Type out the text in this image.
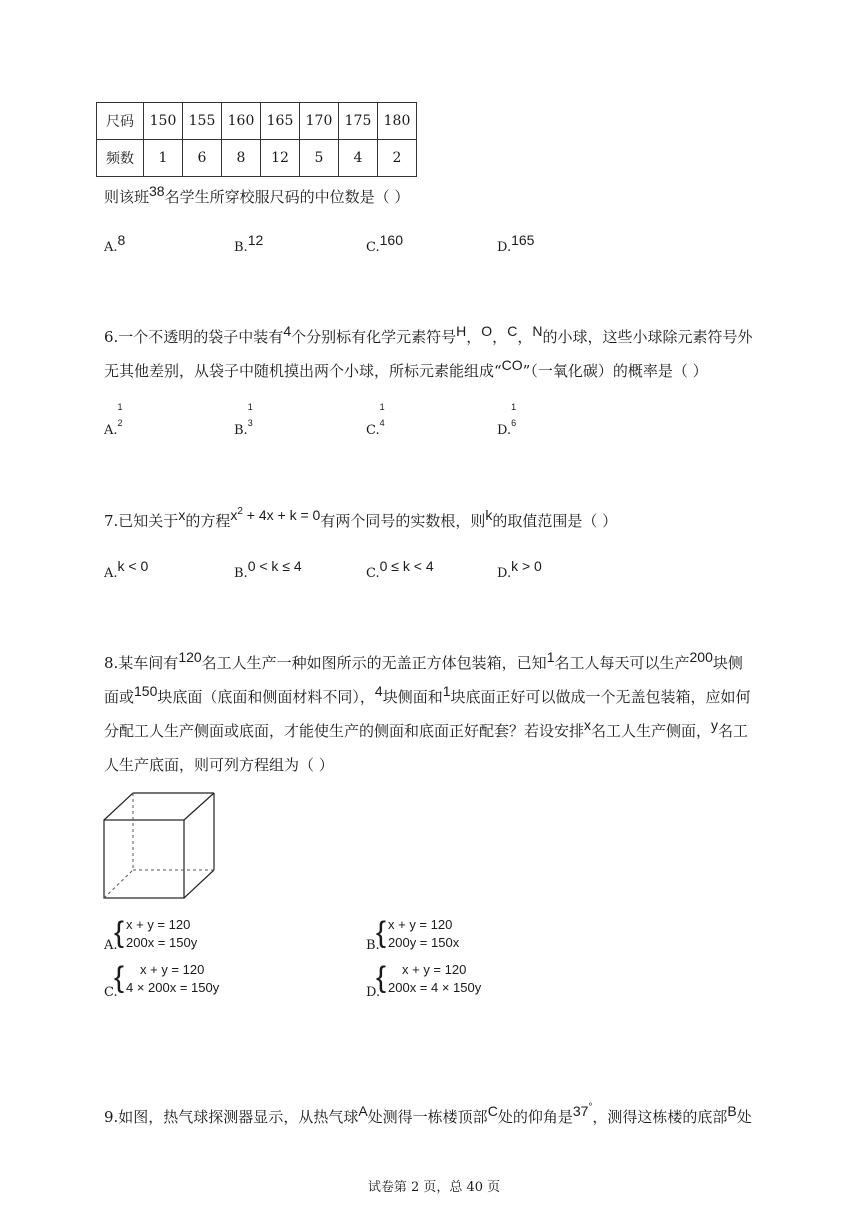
尺码	150	155	160	165	170	175	180
频数	1	6	8	12	5	4	2
则该班38名学生所穿校服尺码的中位数是（ ）
A.8	B.12	C.160	D.165
6.一个不透明的袋子中装有4个分别标有化学元素符号H，O，C，N的小球，这些小球除元素符号外
无其他差别，从袋子中随机摸出两个小球，所标元素能组成“CO”（一氧化碳）的概率是（ ）
A.
1
2	B.
1
3	C.
1
4	D.
1
6
7.已知关于x的方程$x^2 + 4x + k = 0$有两个同号的实数根，则k的取值范围是（ ）
A.k < 0	B.0 < k ≤ 4	C.0 ≤ k < 4	D.k > 0
8.某车间有120名工人生产一种如图所示的无盖正方体包装箱，已知1名工人每天可以生产200块侧
面或150块底面（底面和侧面材料不同），4块侧面和1块底面正好可以做成一个无盖包装箱，应如何
分配工人生产侧面或底面，才能使生产的侧面和底面正好配套？若设安排x名工人生产侧面，y名工
人生产底面，则可列方程组为（ ）
A.
{ x + y = 120
200x = 150y	B.
{ x + y = 120
200y = 150x
C.
{	x + y = 120
4 × 200x = 150y	D.
{	x + y = 120
200x = 4 × 150y
9.如图，热气球探测器显示，从热气球A处测得一栋楼顶部C处的仰角是37°，测得这栋楼的底部B处
试卷第 2 页，总 40 页
